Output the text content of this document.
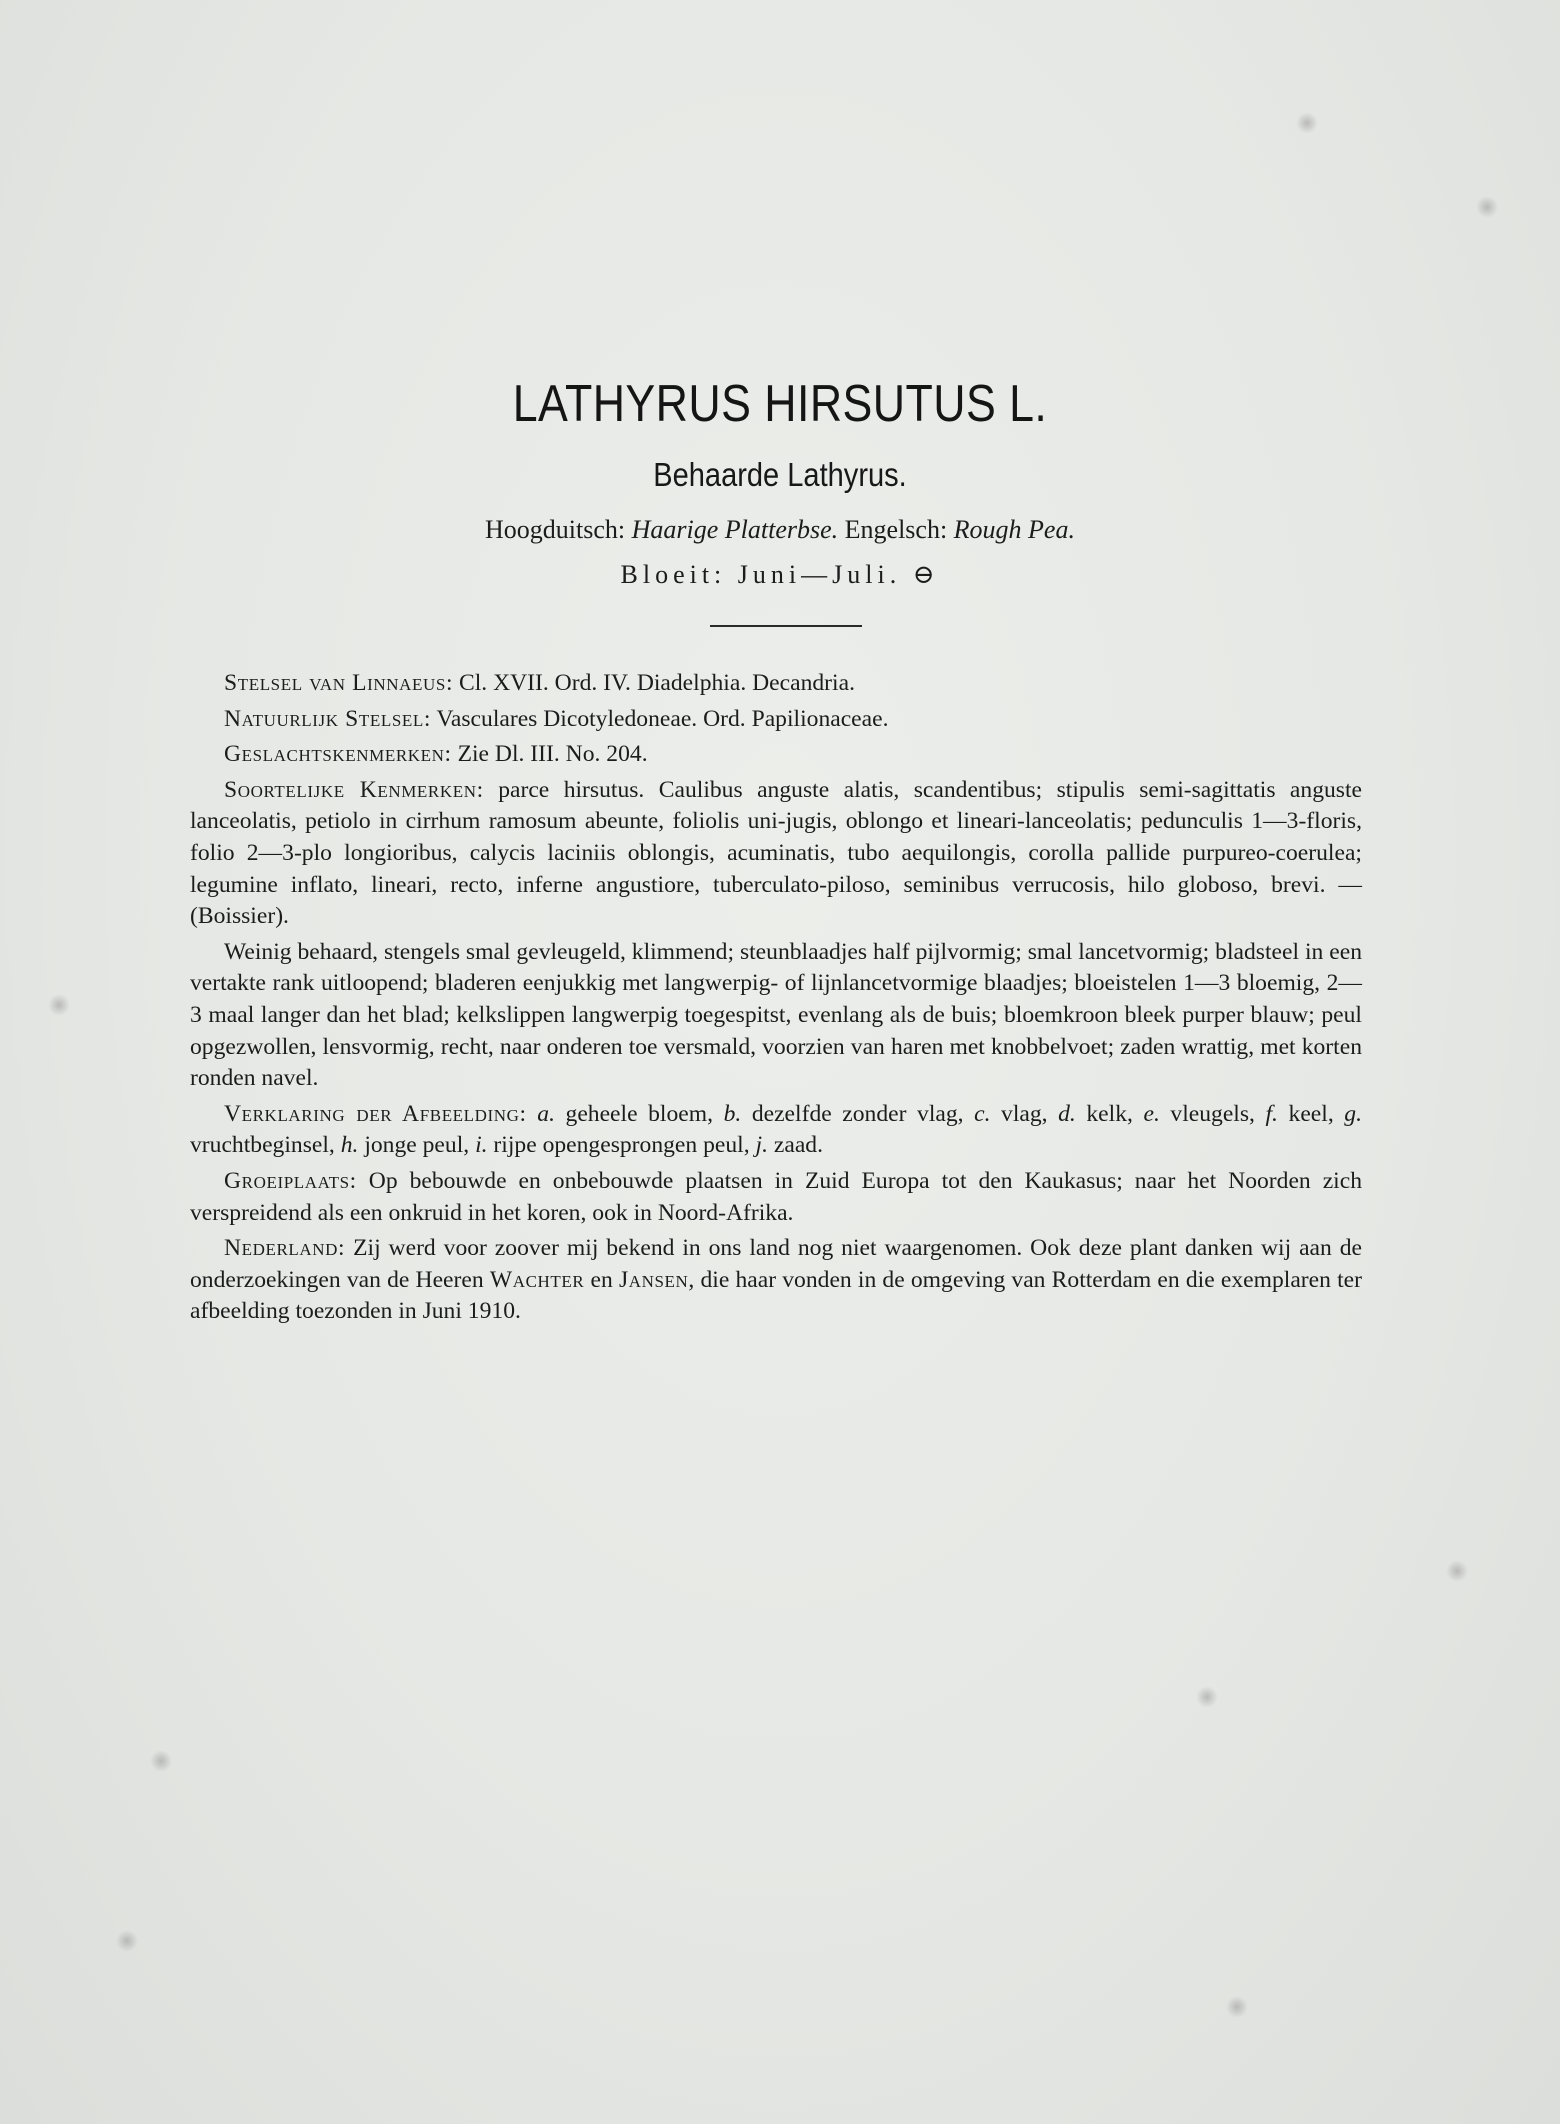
LATHYRUS HIRSUTUS L.
Behaarde Lathyrus.
Hoogduitsch: Haarige Platterbse. Engelsch: Rough Pea.
Bloeit: Juni—Juli. ⊖

Stelsel van Linnaeus: Cl. XVII. Ord. IV. Diadelphia. Decandria.

Natuurlijk Stelsel: Vasculares Dicotyledoneae. Ord. Papilionaceae.

Geslachtskenmerken: Zie Dl. III. No. 204.

Soortelijke Kenmerken: parce hirsutus. Caulibus anguste alatis, scandentibus; stipulis semi-sagittatis anguste lanceolatis, petiolo in cirrhum ramosum abeunte, foliolis uni-jugis, oblongo et lineari-lanceolatis; pedunculis 1—3-floris, folio 2—3-plo longioribus, calycis laciniis oblongis, acuminatis, tubo aequilongis, corolla pallide purpureo-coerulea; legumine inflato, lineari, recto, inferne angustiore, tuberculato-piloso, seminibus verrucosis, hilo globoso, brevi. — (Boissier).

Weinig behaard, stengels smal gevleugeld, klimmend; steunblaadjes half pijlvormig; smal lancetvormig; bladsteel in een vertakte rank uitloopend; bladeren eenjukkig met langwerpig- of lijnlancetvormige blaadjes; bloeistelen 1—3 bloemig, 2—3 maal langer dan het blad; kelkslippen langwerpig toegespitst, evenlang als de buis; bloemkroon bleek purper blauw; peul opgezwollen, lensvormig, recht, naar onderen toe versmald, voorzien van haren met knobbelvoet; zaden wrattig, met korten ronden navel.

Verklaring der Afbeelding: a. geheele bloem, b. dezelfde zonder vlag, c. vlag, d. kelk, e. vleugels, f. keel, g. vruchtbeginsel, h. jonge peul, i. rijpe opengesprongen peul, j. zaad.

Groeiplaats: Op bebouwde en onbebouwde plaatsen in Zuid Europa tot den Kaukasus; naar het Noorden zich verspreidend als een onkruid in het koren, ook in Noord-Afrika.

Nederland: Zij werd voor zoover mij bekend in ons land nog niet waargenomen. Ook deze plant danken wij aan de onderzoekingen van de Heeren Wachter en Jansen, die haar vonden in de omgeving van Rotterdam en die exemplaren ter afbeelding toezonden in Juni 1910.
